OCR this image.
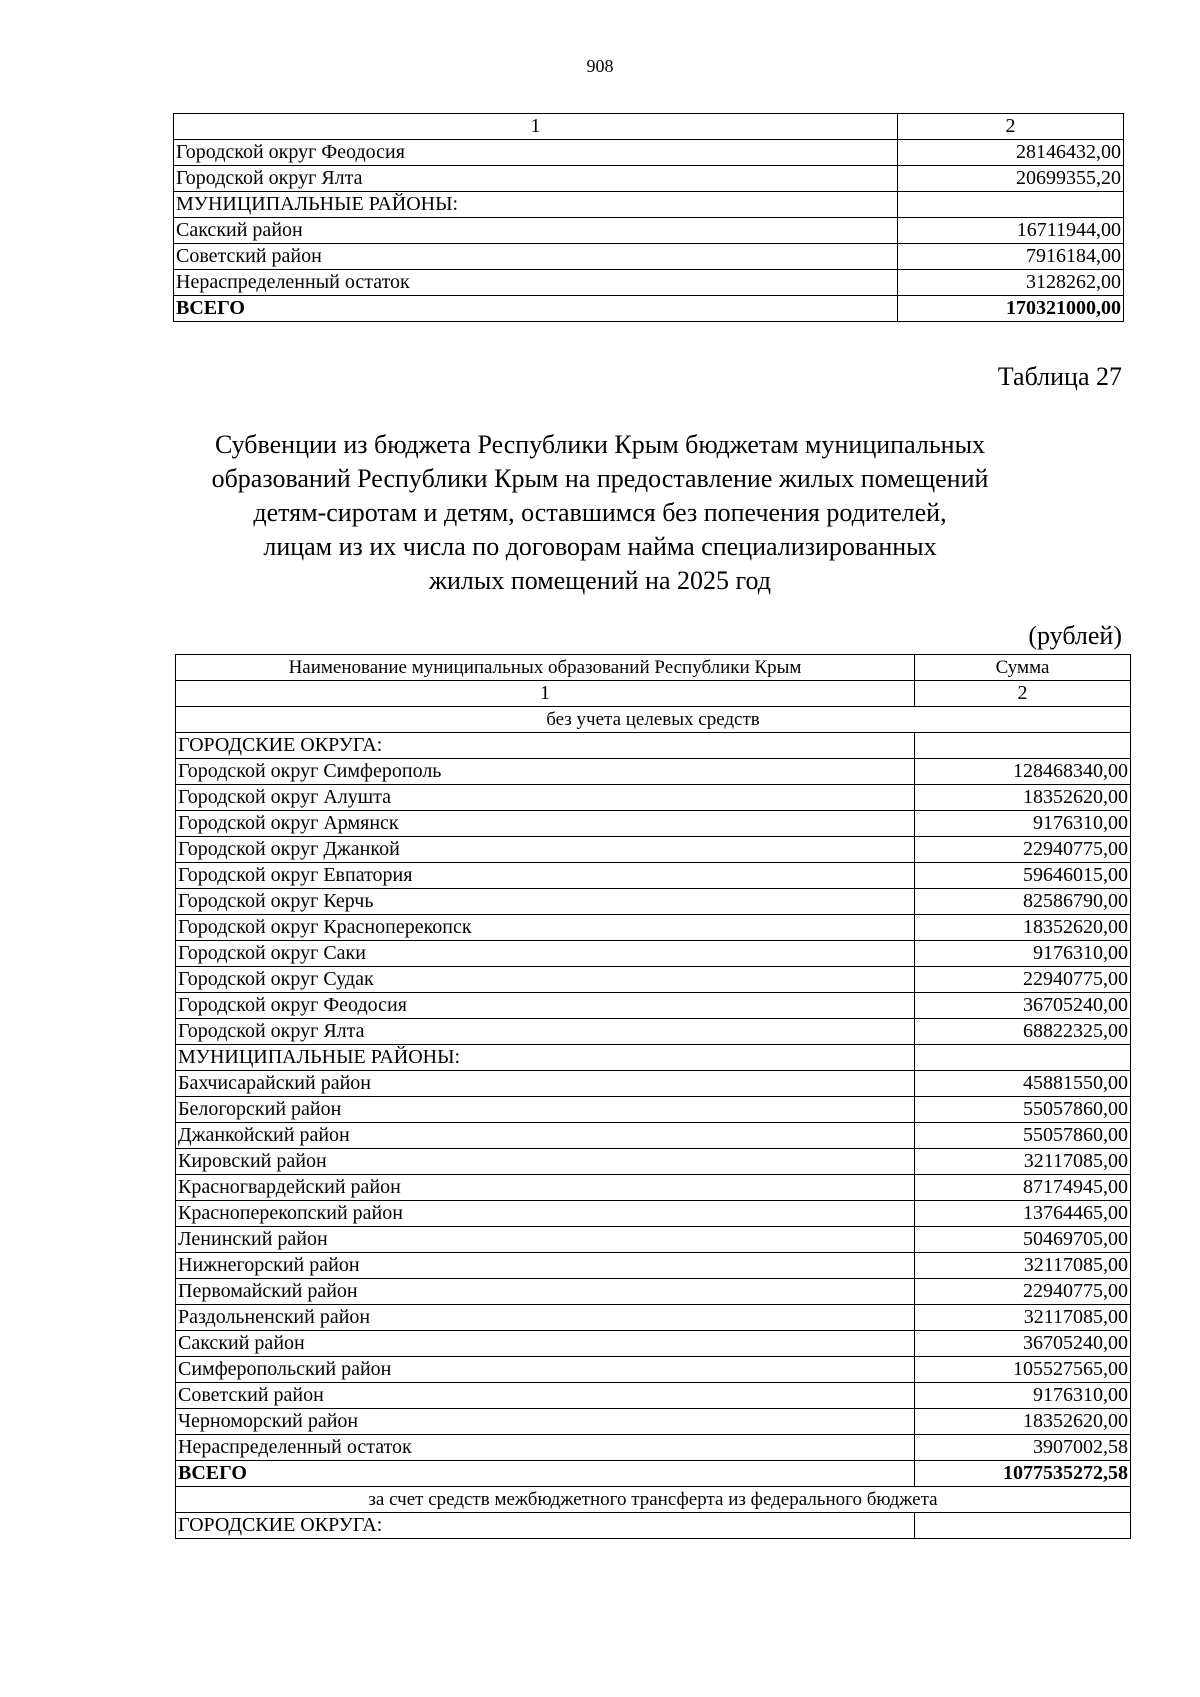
908
1	2
Городской округ Феодосия	28146432,00
Городской округ Ялта	20699355,20
МУНИЦИПАЛЬНЫЕ РАЙОНЫ:	
Сакский район	16711944,00
Советский район	7916184,00
Нераспределенный остаток	3128262,00
ВСЕГО	170321000,00
Таблица 27
Субвенции из бюджета Республики Крым бюджетам муниципальных
образований Республики Крым на предоставление жилых помещений
детям-сиротам и детям, оставшимся без попечения родителей,
лицам из их числа по договорам найма специализированных
жилых помещений на 2025 год
(рублей)
Наименование муниципальных образований Республики Крым	Сумма
1	2
без учета целевых средств	
ГОРОДСКИЕ ОКРУГА:	
Городской округ Симферополь	128468340,00
Городской округ Алушта	18352620,00
Городской округ Армянск	9176310,00
Городской округ Джанкой	22940775,00
Городской округ Евпатория	59646015,00
Городской округ Керчь	82586790,00
Городской округ Красноперекопск	18352620,00
Городской округ Саки	9176310,00
Городской округ Судак	22940775,00
Городской округ Феодосия	36705240,00
Городской округ Ялта	68822325,00
МУНИЦИПАЛЬНЫЕ РАЙОНЫ:	
Бахчисарайский район	45881550,00
Белогорский район	55057860,00
Джанкойский район	55057860,00
Кировский район	32117085,00
Красногвардейский район	87174945,00
Красноперекопский район	13764465,00
Ленинский район	50469705,00
Нижнегорский район	32117085,00
Первомайский район	22940775,00
Раздольненский район	32117085,00
Сакский район	36705240,00
Симферопольский район	105527565,00
Советский район	9176310,00
Черноморский район	18352620,00
Нераспределенный остаток	3907002,58
ВСЕГО	1077535272,58
за счет средств межбюджетного трансферта из федерального бюджета	
ГОРОДСКИЕ ОКРУГА:	
